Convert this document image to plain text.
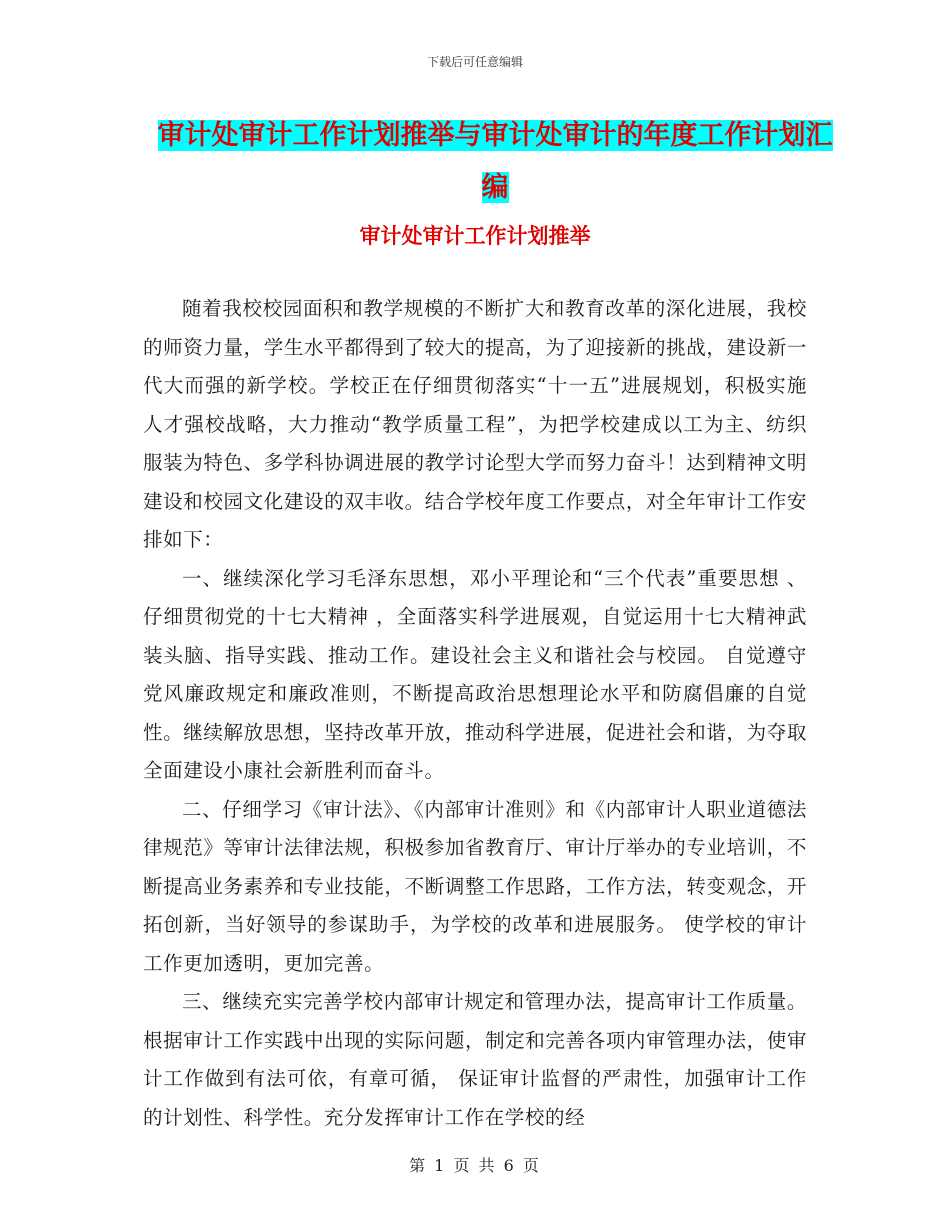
下载后可任意编辑
审计处审计工作计划推举与审计处审计的年度工作计划汇编
审计处审计工作计划推举

随着我校校园面积和教学规模的不断扩大和教育改革的深化进展，我校的师资力量，学生水平都得到了较大的提高，为了迎接新的挑战，建设新一代大而强的新学校。学校正在仔细贯彻落实“十一五”进展规划，积极实施人才强校战略，大力推动“教学质量工程”，为把学校建成以工为主、纺织服装为特色、多学科协调进展的教学讨论型大学而努力奋斗！达到精神文明建设和校园文化建设的双丰收。结合学校年度工作要点，对全年审计工作安排如下：

一、继续深化学习毛泽东思想，邓小平理论和“三个代表”重要思想 、仔细贯彻党的十七大精神 ，全面落实科学进展观，自觉运用十七大精神武装头脑、指导实践、推动工作。建设社会主义和谐社会与校园。 自觉遵守党风廉政规定和廉政准则，不断提高政治思想理论水平和防腐倡廉的自觉性。继续解放思想，坚持改革开放，推动科学进展，促进社会和谐，为夺取全面建设小康社会新胜利而奋斗。

二、仔细学习《审计法》、《内部审计准则》和《内部审计人职业道德法律规范》等审计法律法规，积极参加省教育厅、审计厅举办的专业培训，不断提高业务素养和专业技能，不断调整工作思路，工作方法，转变观念，开拓创新，当好领导的参谋助手，为学校的改革和进展服务。 使学校的审计工作更加透明，更加完善。

三、继续充实完善学校内部审计规定和管理办法，提高审计工作质量。根据审计工作实践中出现的实际问题，制定和完善各项内审管理办法，使审计工作做到有法可依，有章可循， 保证审计监督的严肃性，加强审计工作的计划性、科学性。充分发挥审计工作在学校的经

第 1 页 共 6 页
